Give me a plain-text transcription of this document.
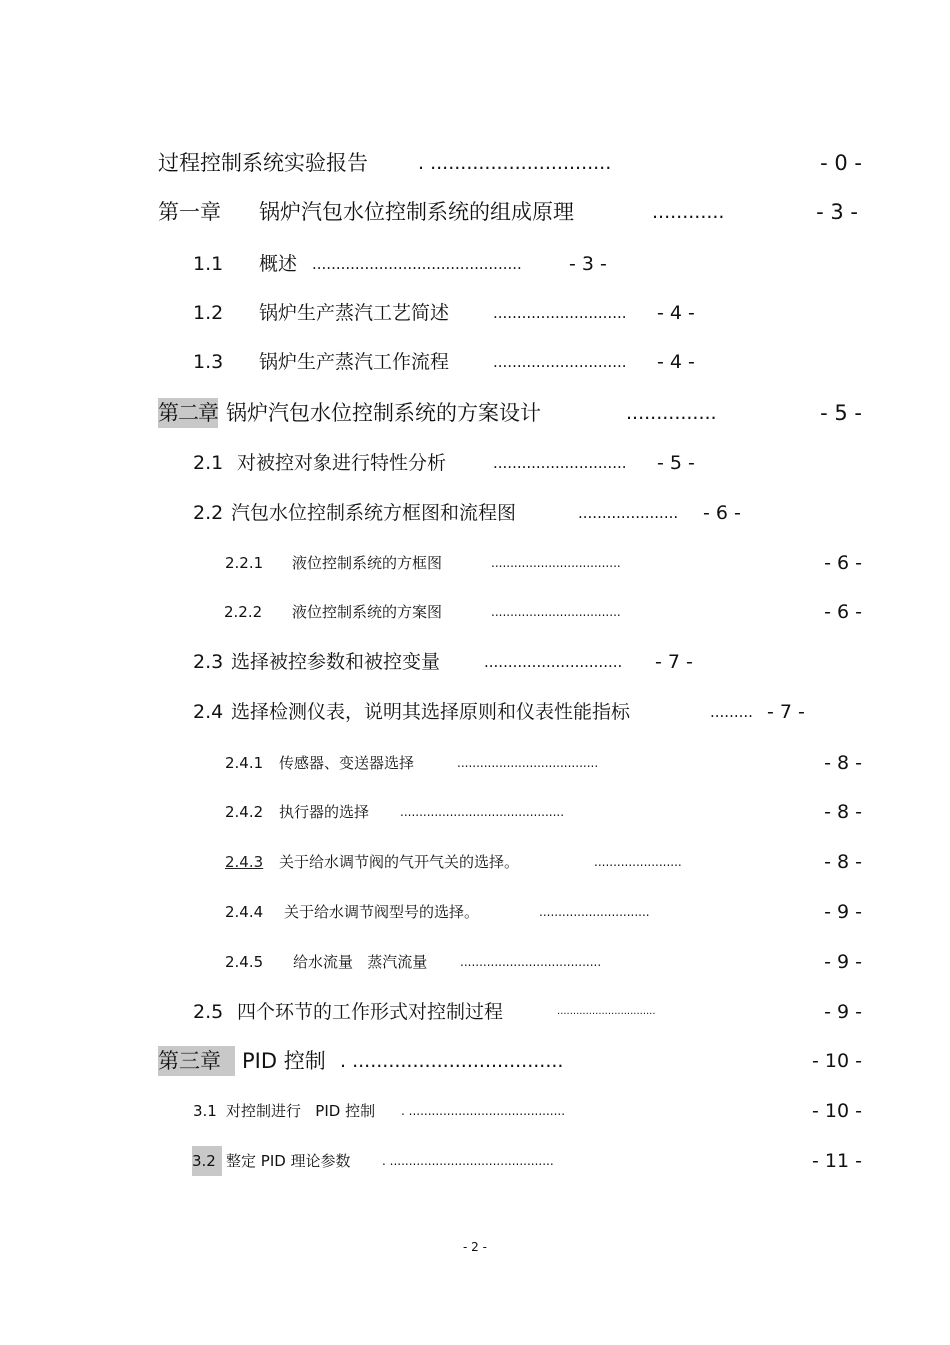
过程控制系统实验报告	. ..............................	- 0 -
第一章 锅炉汽包水位控制系统的组成原理	............	- 3 -
1.1 概述 ............................................ - 3 -
1.2 锅炉生产蒸汽工艺简述	............................ - 4 -
1.3 锅炉生产蒸汽工作流程	............................ - 4 -
第二章 锅炉汽包水位控制系统的方案设计	...............	- 5 -
2.1 对被控对象进行特性分析	............................ - 5 -
2.2 汽包水位控制系统方框图和流程图	..................... - 6 -
2.2.1 液位控制系统的方框图	..................................	- 6 -
2.2.2 液位控制系统的方案图	..................................	- 6 -
2.3 选择被控参数和被控变量	............................. - 7 -
2.4 选择检测仪表，说明其选择原则和仪表性能指标	......... - 7 -
2.4.1 传感器、变送器选择	.....................................	- 8 -
2.4.2 执行器的选择	...........................................	- 8 -
2.4.3 关于给水调节阀的气开气关的选择。	.......................	- 8 -
2.4.4 关于给水调节阀型号的选择。	.............................	- 9 -
2.4.5 给水流量   蒸汽流量	.....................................	- 9 -
2.5 四个环节的工作形式对控制过程	...............................	- 9 -
第三章	PID 控制 . ...................................	- 10 -
3.1 对控制进行   PID 控制 . .........................................	- 10 -
3.2 整定 PID 理论参数	. ...........................................	- 11 -
- 2 -
